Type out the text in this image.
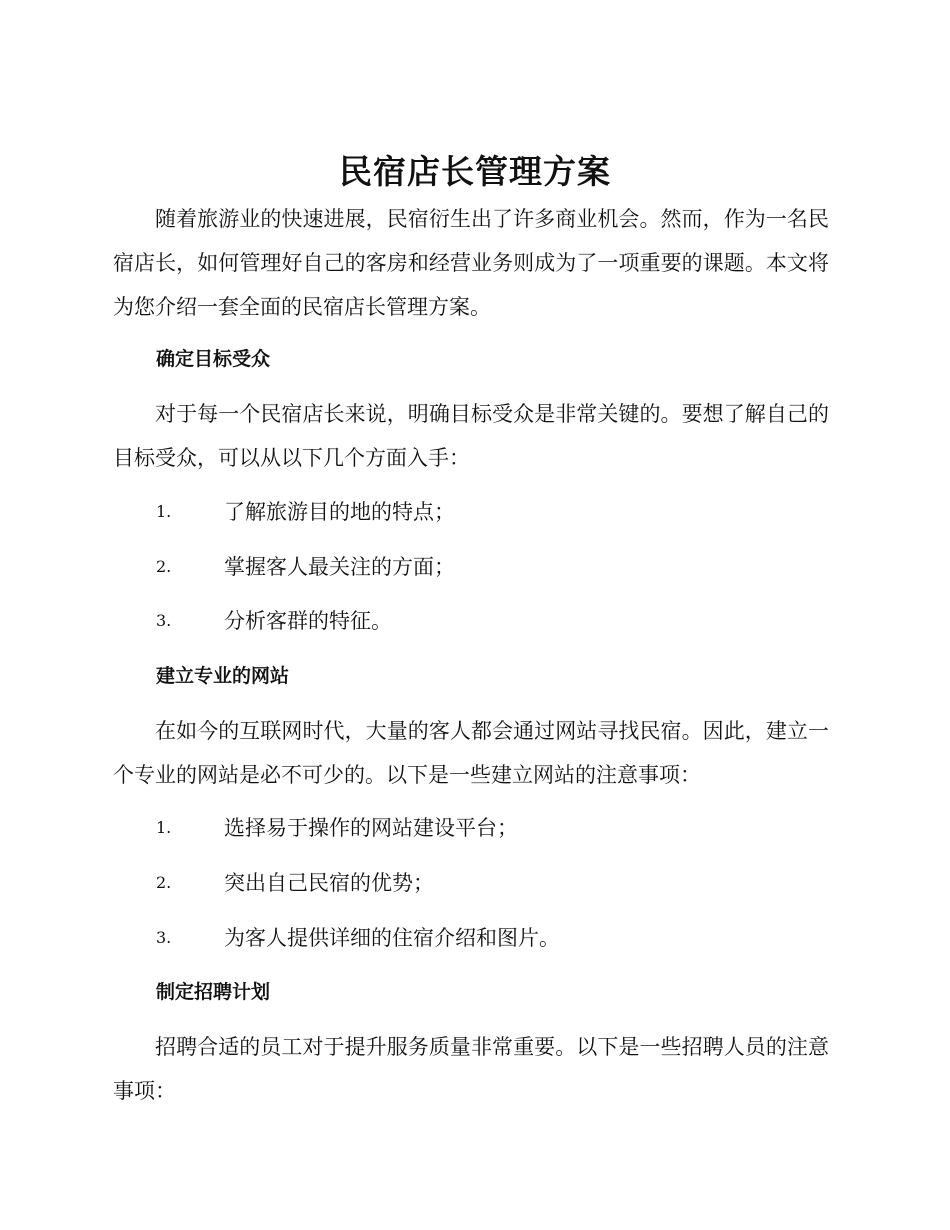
民宿店长管理方案

随着旅游业的快速进展，民宿衍生出了许多商业机会。然而，作为一名民宿店长，如何管理好自己的客房和经营业务则成为了一项重要的课题。本文将为您介绍一套全面的民宿店长管理方案。

确定目标受众

对于每一个民宿店长来说，明确目标受众是非常关键的。要想了解自己的目标受众，可以从以下几个方面入手：

1.	了解旅游目的地的特点；
2.	掌握客人最关注的方面；
3.	分析客群的特征。

建立专业的网站

在如今的互联网时代，大量的客人都会通过网站寻找民宿。因此，建立一个专业的网站是必不可少的。以下是一些建立网站的注意事项：

1.	选择易于操作的网站建设平台；
2.	突出自己民宿的优势；
3.	为客人提供详细的住宿介绍和图片。

制定招聘计划

招聘合适的员工对于提升服务质量非常重要。以下是一些招聘人员的注意事项：
